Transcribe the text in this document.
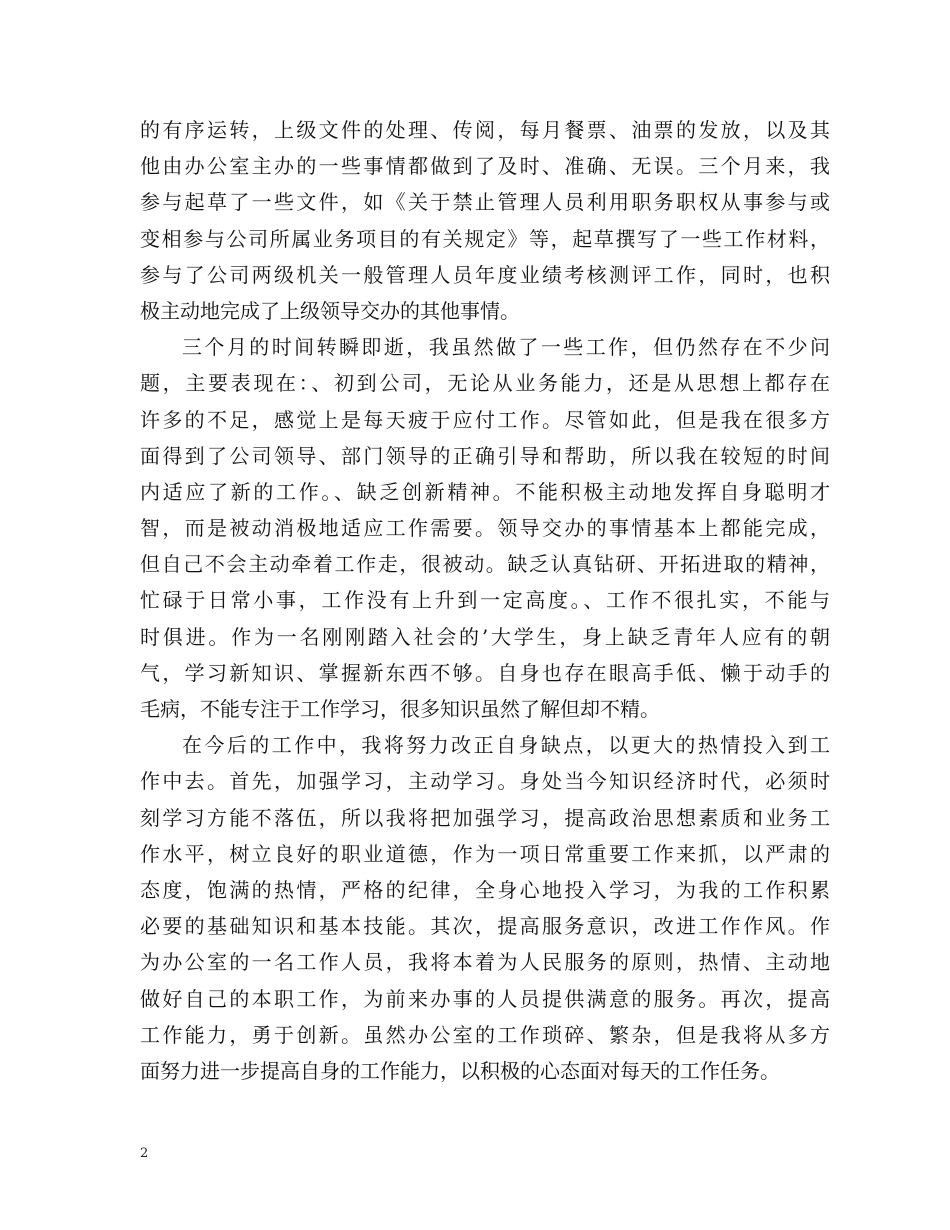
的有序运转，上级文件的处理、传阅，每月餐票、油票的发放，以及其
他由办公室主办的一些事情都做到了及时、准确、无误。三个月来，我
参与起草了一些文件，如《关于禁止管理人员利用职务职权从事参与或
变相参与公司所属业务项目的有关规定》等，起草撰写了一些工作材料，
参与了公司两级机关一般管理人员年度业绩考核测评工作，同时，也积
极主动地完成了上级领导交办的其他事情。
三个月的时间转瞬即逝，我虽然做了一些工作，但仍然存在不少问
题，主要表现在：、初到公司，无论从业务能力，还是从思想上都存在
许多的不足，感觉上是每天疲于应付工作。尽管如此，但是我在很多方
面得到了公司领导、部门领导的正确引导和帮助，所以我在较短的时间
内适应了新的工作。、缺乏创新精神。不能积极主动地发挥自身聪明才
智，而是被动消极地适应工作需要。领导交办的事情基本上都能完成，
但自己不会主动牵着工作走，很被动。缺乏认真钻研、开拓进取的精神，
忙碌于日常小事，工作没有上升到一定高度。、工作不很扎实，不能与
时俱进。作为一名刚刚踏入社会的’大学生，身上缺乏青年人应有的朝
气，学习新知识、掌握新东西不够。自身也存在眼高手低、懒于动手的
毛病，不能专注于工作学习，很多知识虽然了解但却不精。
在今后的工作中，我将努力改正自身缺点，以更大的热情投入到工
作中去。首先，加强学习，主动学习。身处当今知识经济时代，必须时
刻学习方能不落伍，所以我将把加强学习，提高政治思想素质和业务工
作水平，树立良好的职业道德，作为一项日常重要工作来抓，以严肃的
态度，饱满的热情，严格的纪律，全身心地投入学习，为我的工作积累
必要的基础知识和基本技能。其次，提高服务意识，改进工作作风。作
为办公室的一名工作人员，我将本着为人民服务的原则，热情、主动地
做好自己的本职工作，为前来办事的人员提供满意的服务。再次，提高
工作能力，勇于创新。虽然办公室的工作琐碎、繁杂，但是我将从多方
面努力进一步提高自身的工作能力，以积极的心态面对每天的工作任务。
2
